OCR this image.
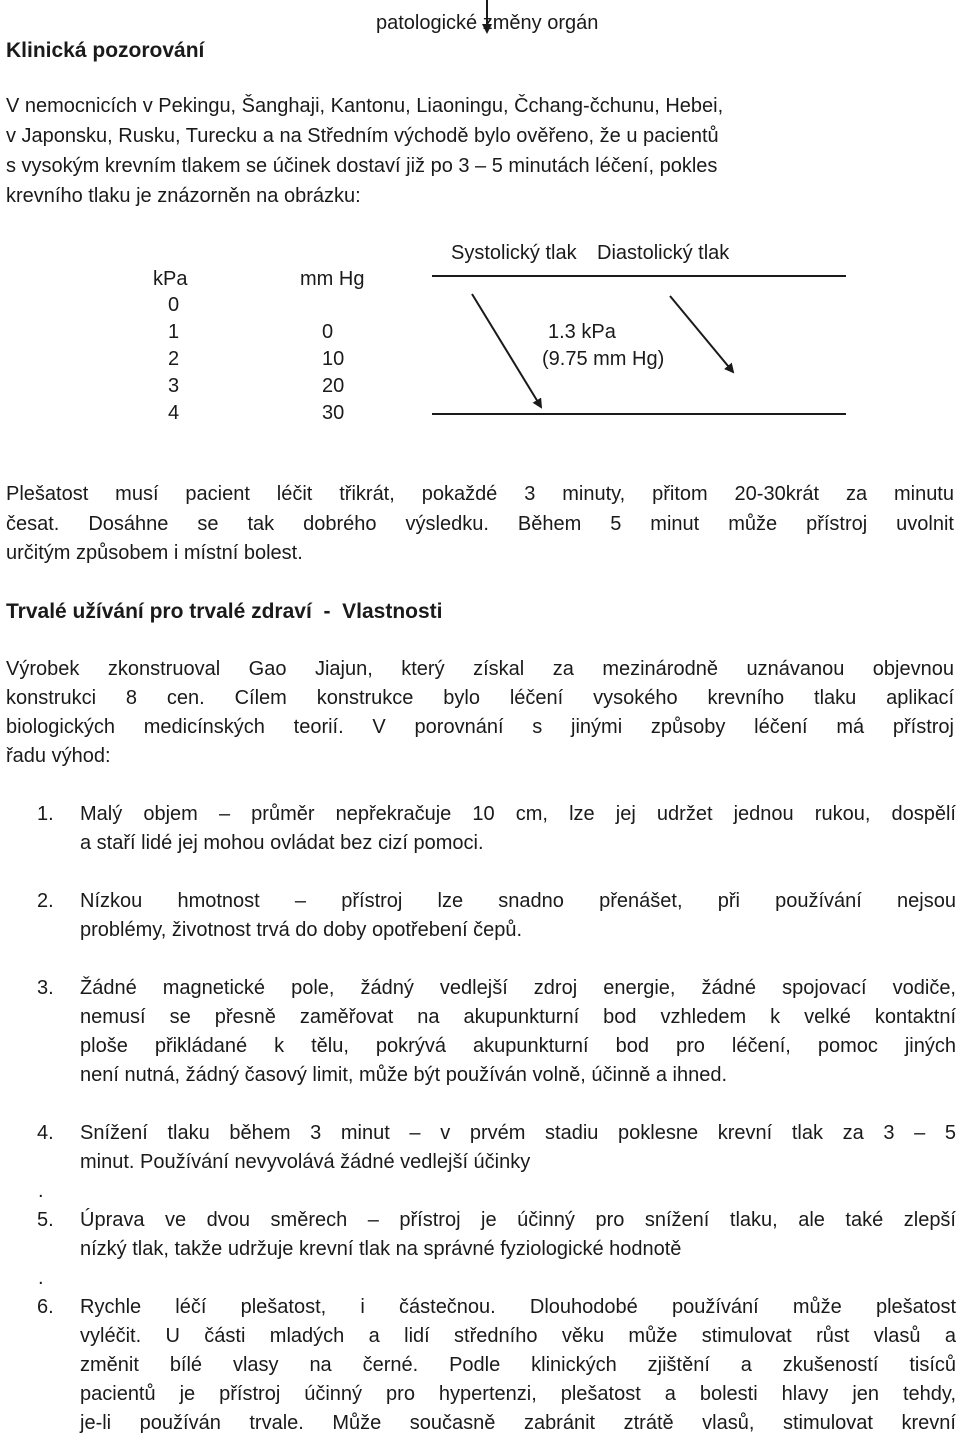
Klinická pozorování
patologické změny orgán
V nemocnicích v Pekingu, Šanghaji, Kantonu, Liaoningu, Čchang-čchunu, Hebei,
v Japonsku, Rusku, Turecku a na Středním východě bylo ověřeno, že u pacientů
s vysokým krevním tlakem se účinek dostaví již po 3 – 5 minutách léčení, pokles
krevního tlaku je znázorněn na obrázku:
Systolický tlak Diastolický tlak
kPa	mm Hg
0
1
2
3
4
0
10
20
30
1.3 kPa
(9.75 mm Hg)
Plešatost musí pacient léčit třikrát, pokaždé 3 minuty, přitom 20-30krát za minutu
česat. Dosáhne se tak dobrého výsledku. Během 5 minut může přístroj uvolnit
určitým způsobem i místní bolest.
Trvalé užívání pro trvalé zdraví  -  Vlastnosti
Výrobek zkonstruoval Gao Jiajun, který získal za mezinárodně uznávanou objevnou
konstrukci 8 cen. Cílem konstrukce bylo léčení vysokého krevního tlaku aplikací
biologických medicínských teorií. V porovnání s jinými způsoby léčení má přístroj
řadu výhod:
1. Malý objem – průměr nepřekračuje 10 cm, lze jej udržet jednou rukou, dospělí
a staří lidé jej mohou ovládat bez cizí pomoci.
2. Nízkou hmotnost – přístroj lze snadno přenášet, při používání nejsou
problémy, životnost trvá do doby opotřebení čepů.
3. Žádné magnetické pole, žádný vedlejší zdroj energie, žádné spojovací vodiče,
nemusí se přesně zaměřovat na akupunkturní bod vzhledem k velké kontaktní
ploše přikládané k tělu, pokrývá akupunkturní bod pro léčení, pomoc jiných
není nutná, žádný časový limit, může být používán volně, účinně a ihned.
4. Snížení tlaku během 3 minut – v prvém stadiu poklesne krevní tlak za 3 – 5
minut. Používání nevyvolává žádné vedlejší účinky
.
5. Úprava ve dvou směrech – přístroj je účinný pro snížení tlaku, ale také zlepší
nízký tlak, takže udržuje krevní tlak na správné fyziologické hodnotě
.
6. Rychle léčí plešatost, i částečnou. Dlouhodobé používání může plešatost
vyléčit. U části mladých a lidí středního věku může stimulovat růst vlasů a
změnit bílé vlasy na černé. Podle klinických zjištění a zkušeností tisíců
pacientů je přístroj účinný pro hypertenzi, plešatost a bolesti hlavy jen tehdy,
je-li používán trvale. Může současně zabránit ztrátě vlasů, stimulovat krevní
